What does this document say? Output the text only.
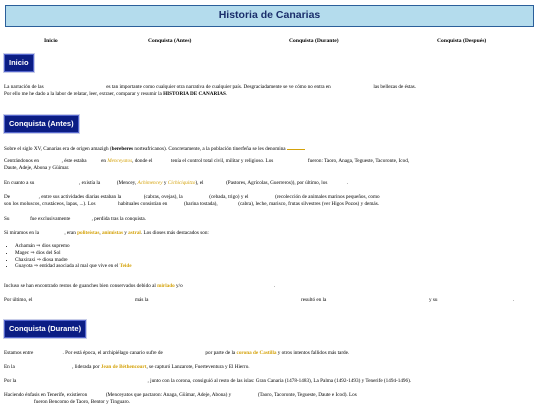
Historia de Canarias
Inicio	Conquista (Antes)	Conquista (Durante)	Conquista (Después)
Inicio

La narración de las	es tan importante como cualquier otra narrativa de cualquier país. Desgraciadamente se ve cómo no entra en	las bellezas de éstas.
Por ello me he dado a la labor de relatar, leer, extraer, comparar y resumir la HISTORIA DE CANARIAS.

Conquista (Antes)

Sobre el siglo XV, Canarias era de origen amazigh (bereberes norteafricanos). Concretamente, a la población tinerfeña se les denomina

Centrándonos en	, éste estaba	en Menceyatos, donde el	tenía el control total civil, militar y religioso. Los	fueron: Taoro, Anaga, Tegueste, Tacoronte, Icod,
Daute, Adeje, Abona y Güímar.

En cuanto a su	, existía la	(Mencey, Achimencey y Cichiciquitzo), el	(Pastores, Agrícolas, Guerreros)), por último, los	.

De	, entre sus actividades diarias estaban la	(cabras, ovejas), la	(cebada, trigo) y el	(recolección de animales marinos pequeños, como
son los moluscos, crustáceos, lapas, ...). Los	habituales consistían en	(harina tostada),	(cabra), leche, marisco, frutas silvestres (ver Higos Pozos) y demás.

Su	fue exclusivamente	, perdida tras la conquista.

Si miramos en la	, eran politeístas, animistas y astral. Los dioses más destacados son:

• Achamán ⇒ dios supremo
• Magec ⇒ dios del Sol
• Chaxiraxi ⇒ diosa madre
• Guayota ⇒ entidad asociada al mal que vive en el Teide

Incluso se han encontrado restos de guanches bien conservados debido al mirlado y/o	.

Por último, el	más la	resultó en la	y su	.

Conquista (Durante)

Estamos entre	. Por está época, el archipiélago canario sufre de	por parte de la corona de Castilla y otros intentos fallidos más tarde.

En la	, liderada por Jean de Béthencourt, se capturó Lanzarote, Fuerteventura y El Hierro.

Por la	, junto con la corona, consiguió al resto de las islas: Gran Canaria (1478-1483), La Palma (1492-1493) y Tenerife (1494-1496).

Haciendo énfasis en Tenerife, existieron	(Menceyatos que pactaron: Anaga, Güímar, Adeje, Abona) y	(Taoro, Tacoronte, Tegueste, Daute e Icod). Los
fueron Bencomo de Taoro, Bentor y Tinguaro.
